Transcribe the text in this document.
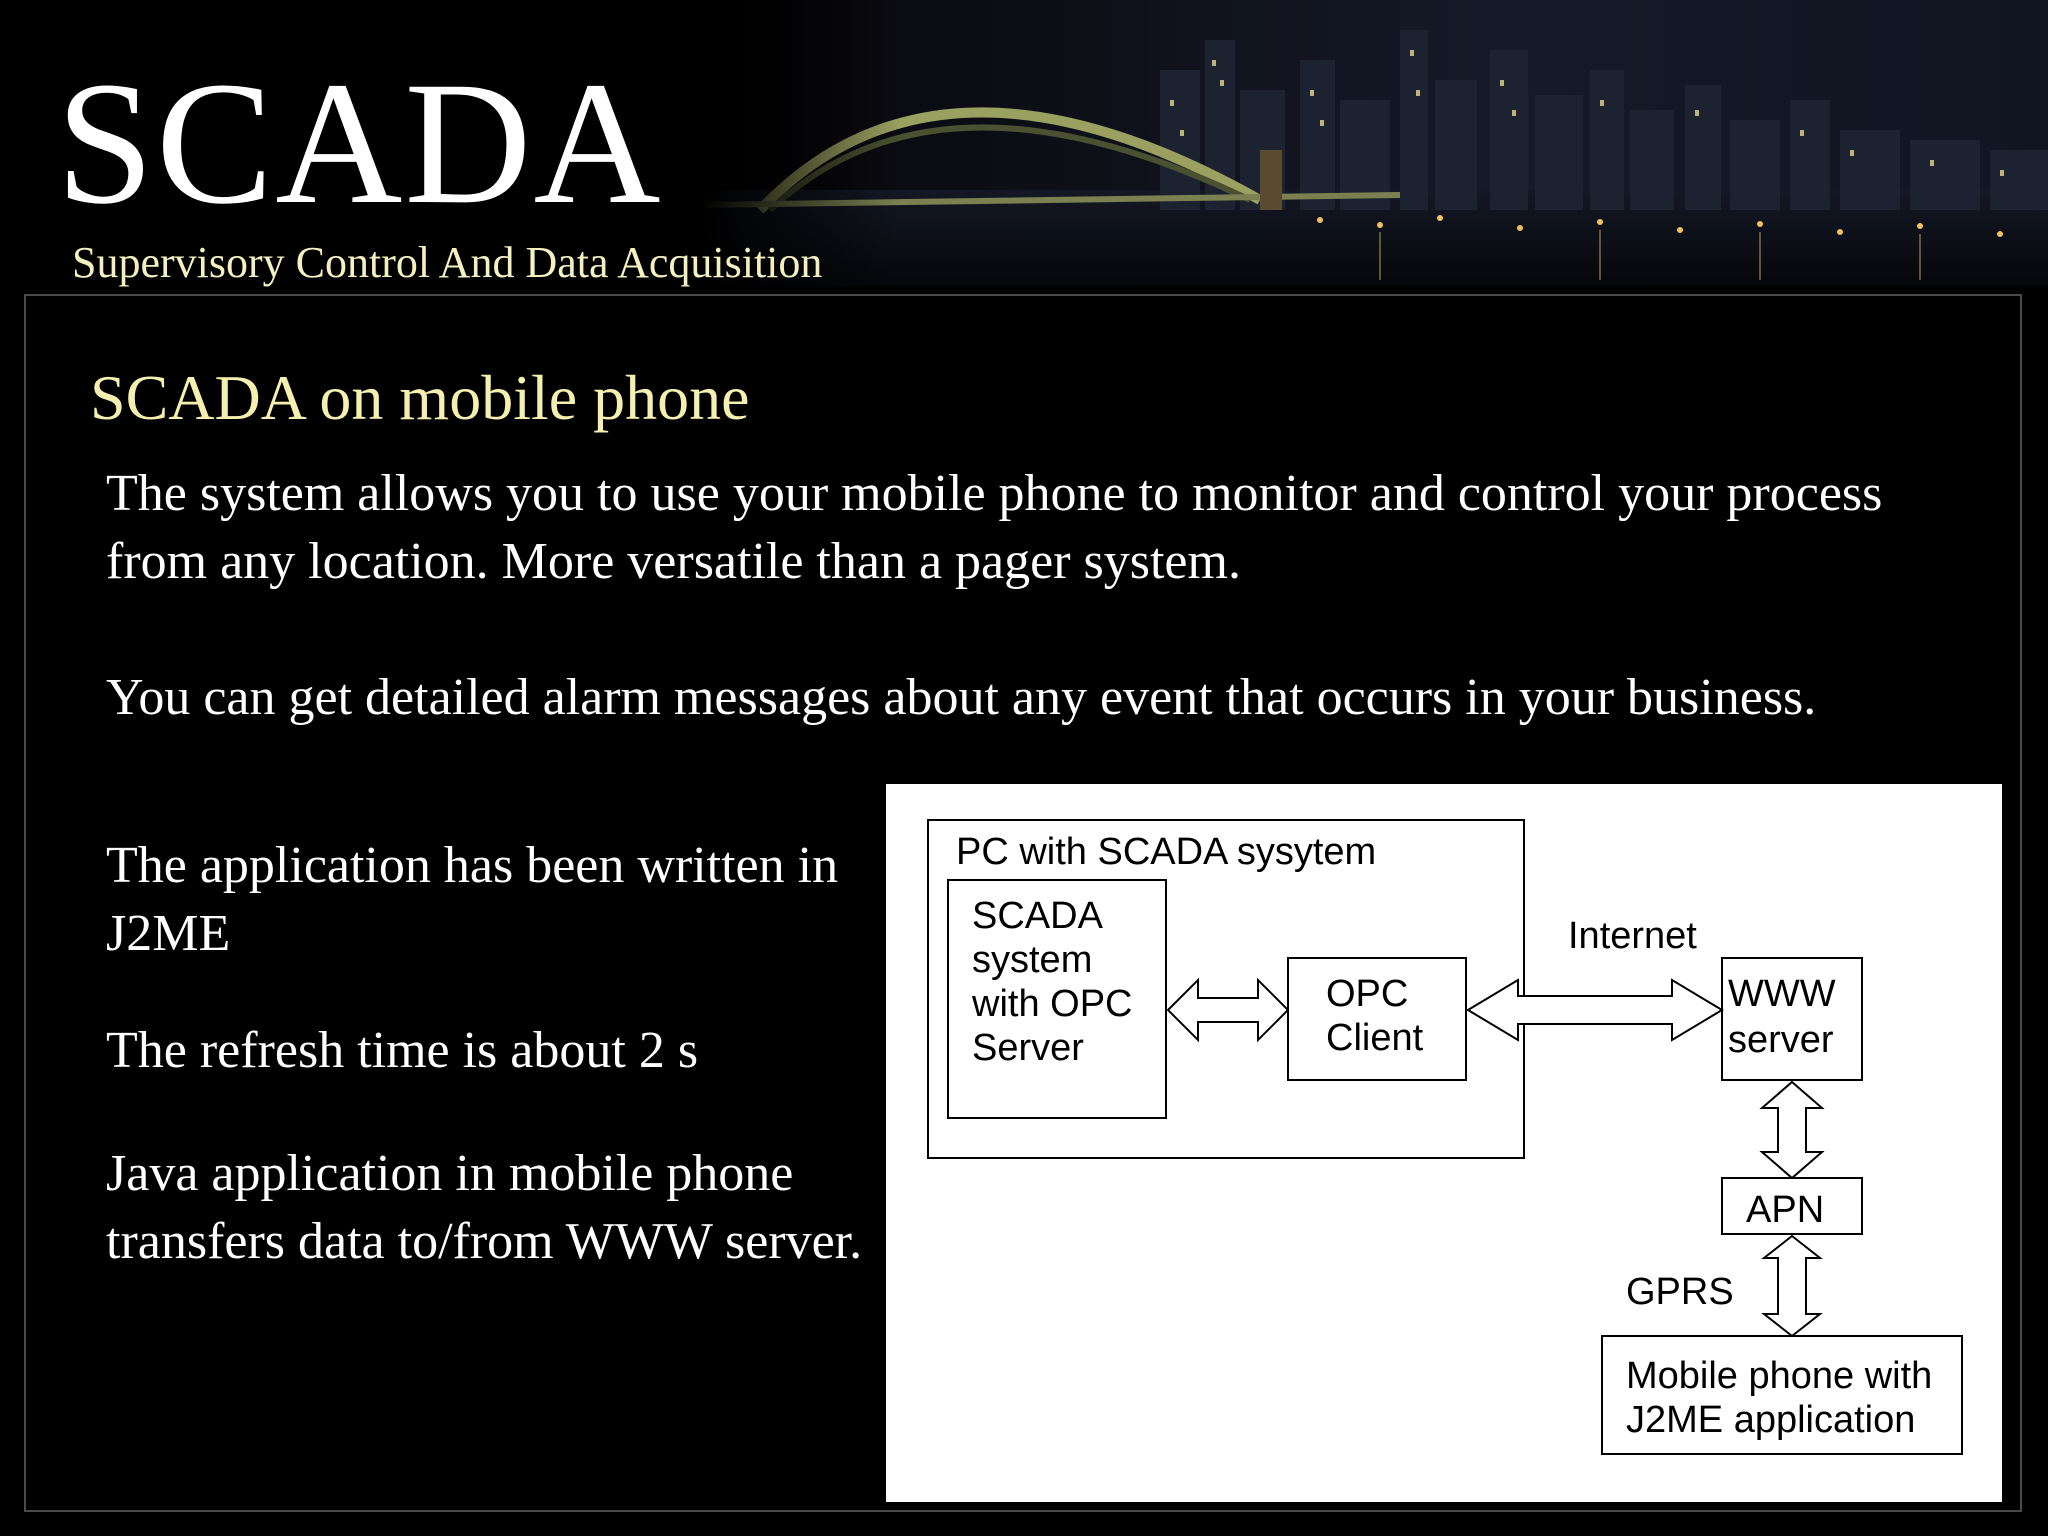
SCADA
Supervisory Control And Data Acquisition
SCADA on mobile phone

The system allows you to use your mobile phone to monitor and control your process from any location. More versatile than a pager system.

You can get detailed alarm messages about any event that occurs in your business.

The application has been written in J2ME

The refresh time is about 2 s

Java application in mobile phone transfers data to/from WWW server.

PC with SCADA sysytem
SCADA
system
with OPC
Server
OPC
Client
Internet
WWW
server
APN
GPRS
Mobile phone with
J2ME application
